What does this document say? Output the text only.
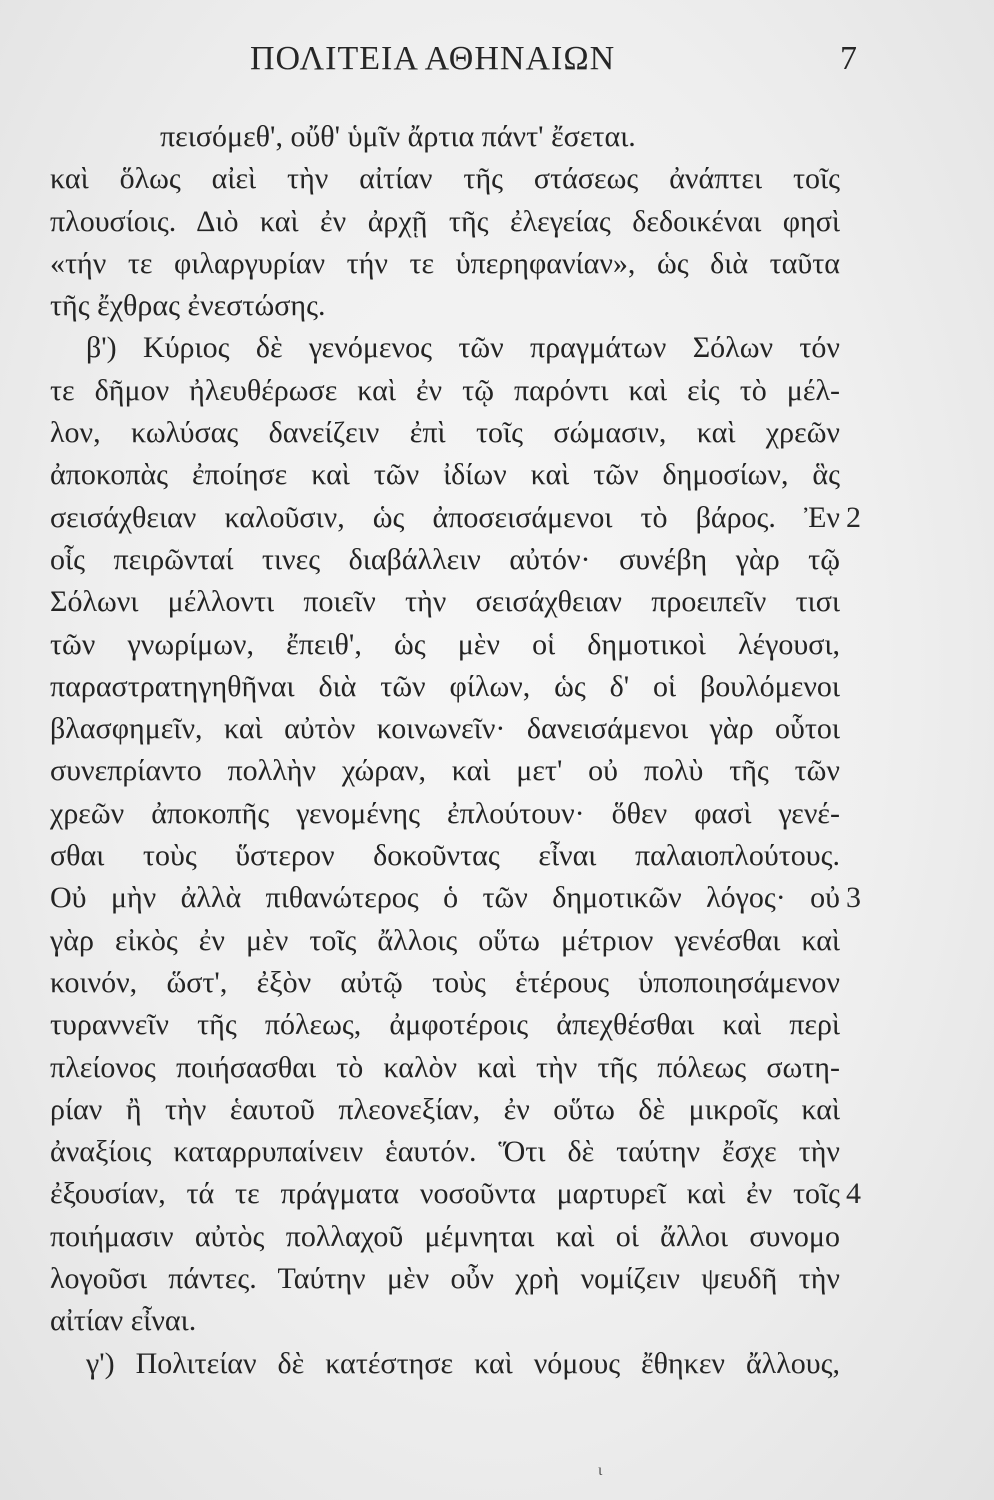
ΠΟΛΙΤΕΙΑ ΑΘΗΝΑΙΩΝ	7
πεισόμεθ', οὔθ' ὑμῖν ἄρτια πάντ' ἔσεται.
καὶ ὅλως αἰεὶ τὴν αἰτίαν τῆς στάσεως ἀνάπτει τοῖς
πλουσίοις. Διὸ καὶ ἐν ἀρχῇ τῆς ἐλεγείας δεδοικέναι φησὶ
«τήν τε φιλαργυρίαν τήν τε ὑπερηφανίαν», ὡς διὰ ταῦτα
τῆς ἔχθρας ἐνεστώσης.
β') Κύριος δὲ γενόμενος τῶν πραγμάτων Σόλων τόν
τε δῆμον ἠλευθέρωσε καὶ ἐν τῷ παρόντι καὶ εἰς τὸ μέλ-
λον, κωλύσας δανείζειν ἐπὶ τοῖς σώμασιν, καὶ χρεῶν
ἀποκοπὰς ἐποίησε καὶ τῶν ἰδίων καὶ τῶν δημοσίων, ἃς
σεισάχθειαν καλοῦσιν, ὡς ἀποσεισάμενοι τὸ βάρος. Ἐν 2
οἷς πειρῶνταί τινες διαβάλλειν αὐτόν· συνέβη γὰρ τῷ
Σόλωνι μέλλοντι ποιεῖν τὴν σεισάχθειαν προειπεῖν τισι
τῶν γνωρίμων, ἔπειθ', ὡς μὲν οἱ δημοτικοὶ λέγουσι,
παραστρατηγηθῆναι διὰ τῶν φίλων, ὡς δ' οἱ βουλόμενοι
βλασφημεῖν, καὶ αὐτὸν κοινωνεῖν· δανεισάμενοι γὰρ οὗτοι
συνεπρίαντο πολλὴν χώραν, καὶ μετ' οὐ πολὺ τῆς τῶν
χρεῶν ἀποκοπῆς γενομένης ἐπλούτουν· ὅθεν φασὶ γενέ-
σθαι τοὺς ὕστερον δοκοῦντας εἶναι παλαιοπλούτους.
Οὐ μὴν ἀλλὰ πιθανώτερος ὁ τῶν δημοτικῶν λόγος· οὐ 3
γὰρ εἰκὸς ἐν μὲν τοῖς ἄλλοις οὕτω μέτριον γενέσθαι καὶ
κοινόν, ὥστ', ἐξὸν αὐτῷ τοὺς ἑτέρους ὑποποιησάμενον
τυραννεῖν τῆς πόλεως, ἀμφοτέροις ἀπεχθέσθαι καὶ περὶ
πλείονος ποιήσασθαι τὸ καλὸν καὶ τὴν τῆς πόλεως σωτη-
ρίαν ἢ τὴν ἑαυτοῦ πλεονεξίαν, ἐν οὕτω δὲ μικροῖς καὶ
ἀναξίοις καταρρυπαίνειν ἑαυτόν. Ὅτι δὲ ταύτην ἔσχε τὴν
ἐξουσίαν, τά τε πράγματα νοσοῦντα μαρτυρεῖ καὶ ἐν τοῖς 4
ποιήμασιν αὐτὸς πολλαχοῦ μέμνηται καὶ οἱ ἄλλοι συνομο
λογοῦσι πάντες. Ταύτην μὲν οὖν χρὴ νομίζειν ψευδῆ τὴν
αἰτίαν εἶναι.
γ') Πολιτείαν δὲ κατέστησε καὶ νόμους ἔθηκεν ἄλλους,
ι
